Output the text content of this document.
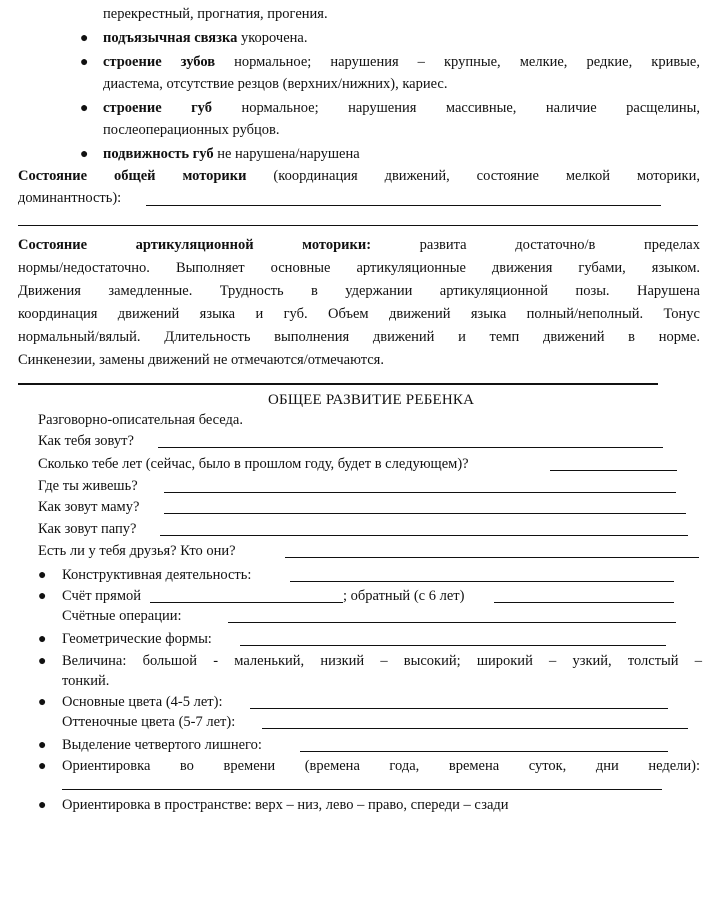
перекрестный, прогнатия, прогения.
● подъязычная связка укорочена.
● строение зубов нормальное; нарушения – крупные, мелкие, редкие, кривые,
диастема, отсутствие резцов (верхних/нижних), кариес.
● строение губ нормальное; нарушения массивные, наличие расщелины,
послеоперационных рубцов.
● подвижность губ не нарушена/нарушена
Состояние общей моторики (координация движений, состояние мелкой моторики,
доминантность):
Состояние артикуляционной моторики: развита достаточно/в пределах
нормы/недостаточно. Выполняет основные артикуляционные движения губами, языком.
Движения замедленные. Трудность в удержании артикуляционной позы. Нарушена
координация движений языка и губ. Объем движений языка полный/неполный. Тонус
нормальный/вялый. Длительность выполнения движений и темп движений в норме.
Синкенезии, замены движений не отмечаются/отмечаются.
ОБЩЕЕ РАЗВИТИЕ РЕБЕНКА
Разговорно-описательная беседа.
Как тебя зовут?
Сколько тебе лет (сейчас, было в прошлом году, будет в следующем)?
Где ты живешь?
Как зовут маму?
Как зовут папу?
Есть ли у тебя друзья? Кто они?
● Конструктивная деятельность:
● Счёт прямой	; обратный (с 6 лет)
Счётные операции:
● Геометрические формы:
● Величина: большой - маленький, низкий – высокий; широкий – узкий, толстый –
тонкий.
● Основные цвета (4-5 лет):
Оттеночные цвета (5-7 лет):
● Выделение четвертого лишнего:
● Ориентировка во времени (времена года, времена суток, дни недели):
● Ориентировка в пространстве: верх – низ, лево – право, спереди – сзади
